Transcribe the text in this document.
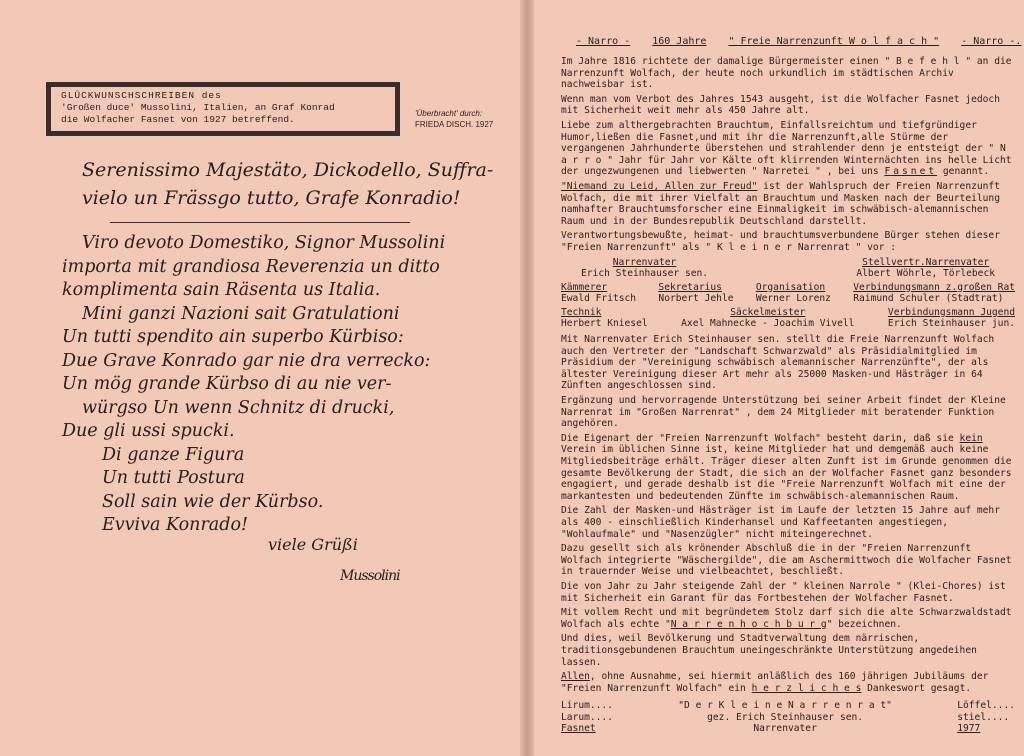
GLÜCKWUNSCHSCHREIBEN des
'Großen duce' Mussolini, Italien, an Graf Konrad
die Wolfacher Fasnet von 1927 betreffend.
'Überbracht' durch:
FRIEDA DISCH. 1927
Serenissimo Majestäto, Dickodello, Suffra-
vielo un Frässgo tutto, Grafe Konradio!
Viro devoto Domestiko, Signor Mussolini
importa mit grandiosa Reverenzia un ditto
komplimenta sain Räsenta us Italia.
Mini ganzi Nazioni sait Gratulationi
Un tutti spendito ain superbo Kürbiso:
Due Grave Konrado gar nie dra verrecko:
Un mög grande Kürbso di au nie ver-
würgso Un wenn Schnitz di drucki,
Due gli ussi spucki.
Di ganze Figura
Un tutti Postura
Soll sain wie der Kürbso.
Evviva Konrado!
viele Grüßi
Mussolini
- Narro - 160 Jahre " Freie Narrenzunft W o l f a c h " - Narro -.

Im Jahre 1816 richtete der damalige Bürgermeister einen " B e f e h l " an die Narrenzunft Wolfach, der heute noch urkundlich im städtischen Archiv nachweisbar ist.

Wenn man vom Verbot des Jahres 1543 ausgeht, ist die Wolfacher Fasnet jedoch mit Sicherheit weit mehr als 450 Jahre alt.

Liebe zum althergebrachten Brauchtum, Einfallsreichtum und tiefgründiger Humor,ließen die Fasnet,und mit ihr die Narrenzunft,alle Stürme der vergangenen Jahrhunderte überstehen und strahlender denn je entsteigt der " N a r r o " Jahr für Jahr vor Kälte oft klirrenden Winternächten ins helle Licht der ungezwungenen und liebwerten " Narretei " , bei uns Fasnet genannt.

"Niemand zu Leid, Allen zur Freud" ist der Wahlspruch der Freien Narrenzunft Wolfach, die mit ihrer Vielfalt an Brauchtum und Masken nach der Beurteilung namhafter Brauchtumsforscher eine Einmaligkeit im schwäbisch-alemannischen Raum und in der Bundesrepublik Deutschland darstellt.

Verantwortungsbewußte, heimat- und brauchtumsverbundene Bürger stehen dieser "Freien Narrenzunft" als " K l e i n e r Narrenrat " vor :

Narrenvater
Erich Steinhauser sen.
Stellvertr.Narrenvater
Albert Wöhrle, Törlebeck
Kämmerer
Ewald Fritsch
Sekretarius
Norbert Jehle
Organisation
Werner Lorenz
Verbindungsmann z.großen Rat
Raimund Schuler (Stadtrat)
Technik
Herbert Kniesel
Säckelmeister
Axel Mahnecke - Joachim Vivell
Verbindungsmann Jugend
Erich Steinhauser jun.

Mit Narrenvater Erich Steinhauser sen. stellt die Freie Narrenzunft Wolfach auch den Vertreter der "Landschaft Schwarzwald" als Präsidialmitglied im Präsidium der "Vereinigung schwäbisch alemannischer Narrenzünfte", der als ältester Vereinigung dieser Art mehr als 25000 Masken-und Hästräger in 64 Zünften angeschlossen sind.

Ergänzung und hervorragende Unterstützung bei seiner Arbeit findet der Kleine Narrenrat im "Großen Narrenrat" , dem 24 Mitglieder mit beratender Funktion angehören.

Die Eigenart der "Freien Narrenzunft Wolfach" besteht darin, daß sie kein Verein im üblichen Sinne ist, keine Mitglieder hat und demgemäß auch keine Mitgliedsbeiträge erhält. Träger dieser alten Zunft ist im Grunde genommen die gesamte Bevölkerung der Stadt, die sich an der Wolfacher Fasnet ganz besonders engagiert, und gerade deshalb ist die "Freie Narrenzunft Wolfach mit eine der markantesten und bedeutenden Zünfte im schwäbisch-alemannischen Raum.

Die Zahl der Masken-und Hästräger ist im Laufe der letzten 15 Jahre auf mehr als 400 - einschließlich Kinderhansel und Kaffeetanten angestiegen, "Wohlaufmale" und "Nasenzügler" nicht miteingerechnet.

Dazu gesellt sich als krönender Abschluß die in der "Freien Narrenzunft Wolfach integrierte "Wäschergilde", die am Aschermittwoch die Wolfacher Fasnet in trauernder Weise und vielbeachtet, beschließt.

Die von Jahr zu Jahr steigende Zahl der " kleinen Narrole " (Klei-Chores) ist mit Sicherheit ein Garant für das Fortbestehen der Wolfacher Fasnet.

Mit vollem Recht und mit begründetem Stolz darf sich die alte Schwarzwaldstadt Wolfach als echte "N a r r e n h o c h b u r g" bezeichnen.

Und dies, weil Bevölkerung und Stadtverwaltung dem närrischen, traditionsgebundenen Brauchtum uneingeschränkte Unterstützung angedeihen lassen.

Allen, ohne Ausnahme, sei hiermit anläßlich des 160 jährigen Jubiläums der "Freien Narrenzunft Wolfach" ein h e r z l i c h e s Dankeswort gesagt.

Lirum....
Larum....
Fasnet
"D e r K l e i n e N a r r e n r a t"
gez. Erich Steinhauser sen.
Narrenvater
Löffel....
stiel....
1977
